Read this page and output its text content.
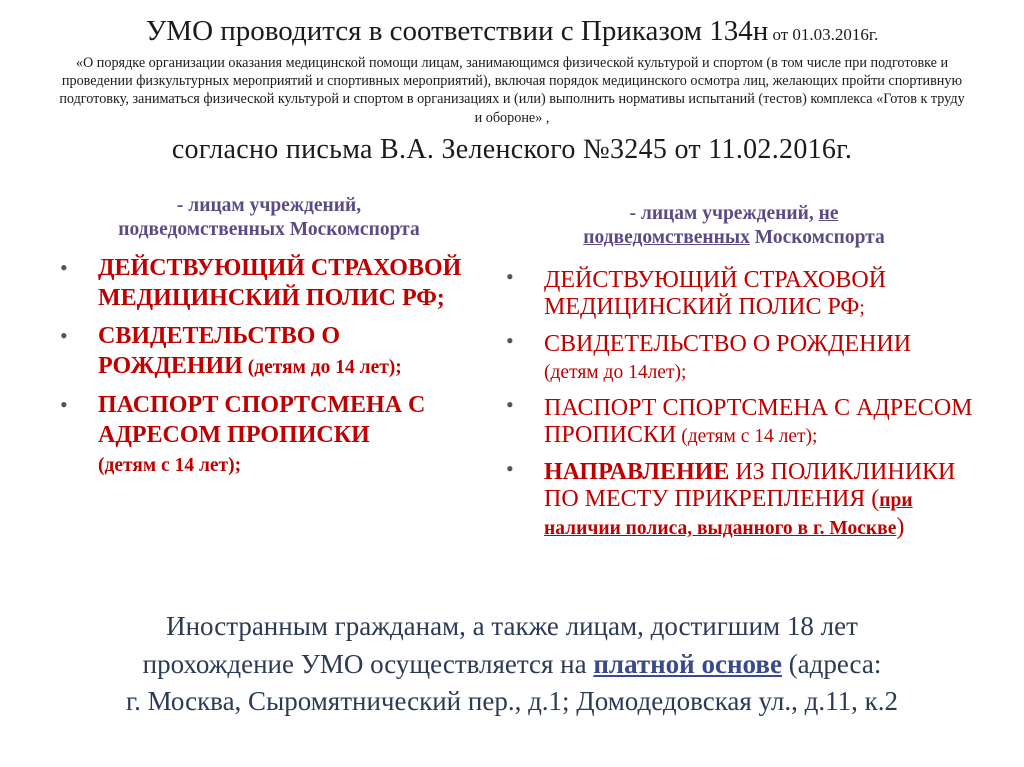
УМО проводится в соответствии с Приказом 134н от 01.03.2016г.
«О порядке организации оказания медицинской помощи лицам, занимающимся физической культурой и спортом (в том числе при подготовке и проведении физкультурных мероприятий и спортивных мероприятий), включая порядок медицинского осмотра лиц, желающих пройти спортивную подготовку, заниматься физической культурой и спортом в организациях и (или) выполнить нормативы испытаний (тестов) комплекса «Готов к труду и обороне» ,
согласно письма В.А. Зеленского №3245 от 11.02.2016г.
- лицам учреждений,
подведомственных Москомспорта
• ДЕЙСТВУЮЩИЙ СТРАХОВОЙ МЕДИЦИНСКИЙ ПОЛИС РФ;
• СВИДЕТЕЛЬСТВО О РОЖДЕНИИ (детям до 14 лет);
• ПАСПОРТ СПОРТСМЕНА С АДРЕСОМ ПРОПИСКИ
(детям с 14 лет);
- лицам учреждений, не
подведомственных Москомспорта
• ДЕЙСТВУЮЩИЙ СТРАХОВОЙ МЕДИЦИНСКИЙ ПОЛИС РФ;
• СВИДЕТЕЛЬСТВО О РОЖДЕНИИ
(детям до 14лет);
• ПАСПОРТ СПОРТСМЕНА С АДРЕСОМ ПРОПИСКИ (детям с 14 лет);
• НАПРАВЛЕНИЕ ИЗ ПОЛИКЛИНИКИ ПО МЕСТУ ПРИКРЕПЛЕНИЯ (при наличии полиса, выданного в г. Москве)
Иностранным гражданам, а также лицам, достигшим 18 лет
прохождение УМО осуществляется на платной основе (адреса:
г. Москва, Сыромятнический пер., д.1; Домодедовская ул., д.11, к.2
